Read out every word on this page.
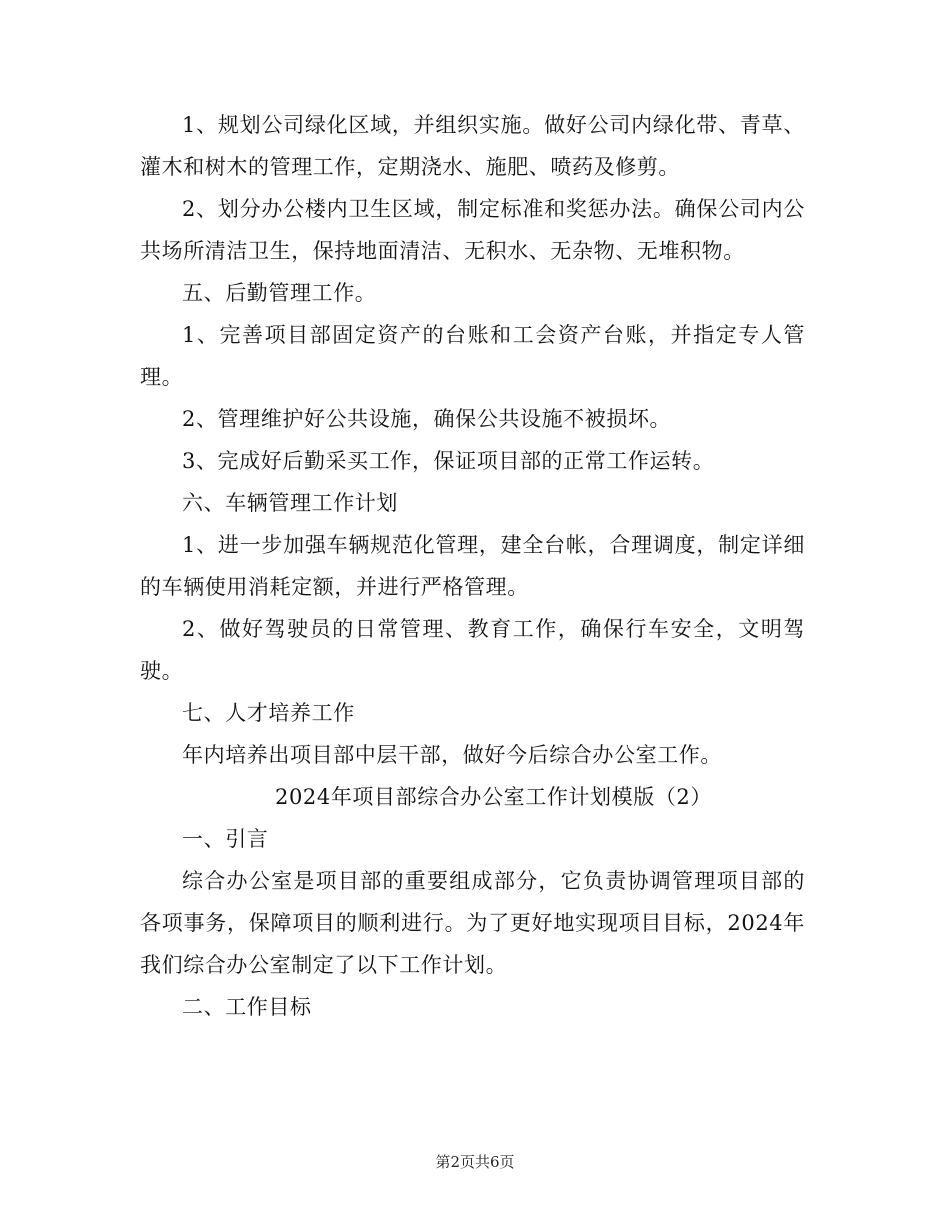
1、规划公司绿化区域，并组织实施。做好公司内绿化带、青草、灌木和树木的管理工作，定期浇水、施肥、喷药及修剪。

2、划分办公楼内卫生区域，制定标准和奖惩办法。确保公司内公共场所清洁卫生，保持地面清洁、无积水、无杂物、无堆积物。

五、后勤管理工作。

1、完善项目部固定资产的台账和工会资产台账，并指定专人管理。

2、管理维护好公共设施，确保公共设施不被损坏。

3、完成好后勤采买工作，保证项目部的正常工作运转。

六、车辆管理工作计划

1、进一步加强车辆规范化管理，建全台帐，合理调度，制定详细的车辆使用消耗定额，并进行严格管理。

2、做好驾驶员的日常管理、教育工作，确保行车安全，文明驾驶。

七、人才培养工作

年内培养出项目部中层干部，做好今后综合办公室工作。

2024年项目部综合办公室工作计划模版（2）

一、引言

综合办公室是项目部的重要组成部分，它负责协调管理项目部的各项事务，保障项目的顺利进行。为了更好地实现项目目标，2024年我们综合办公室制定了以下工作计划。

二、工作目标

第2页共6页
